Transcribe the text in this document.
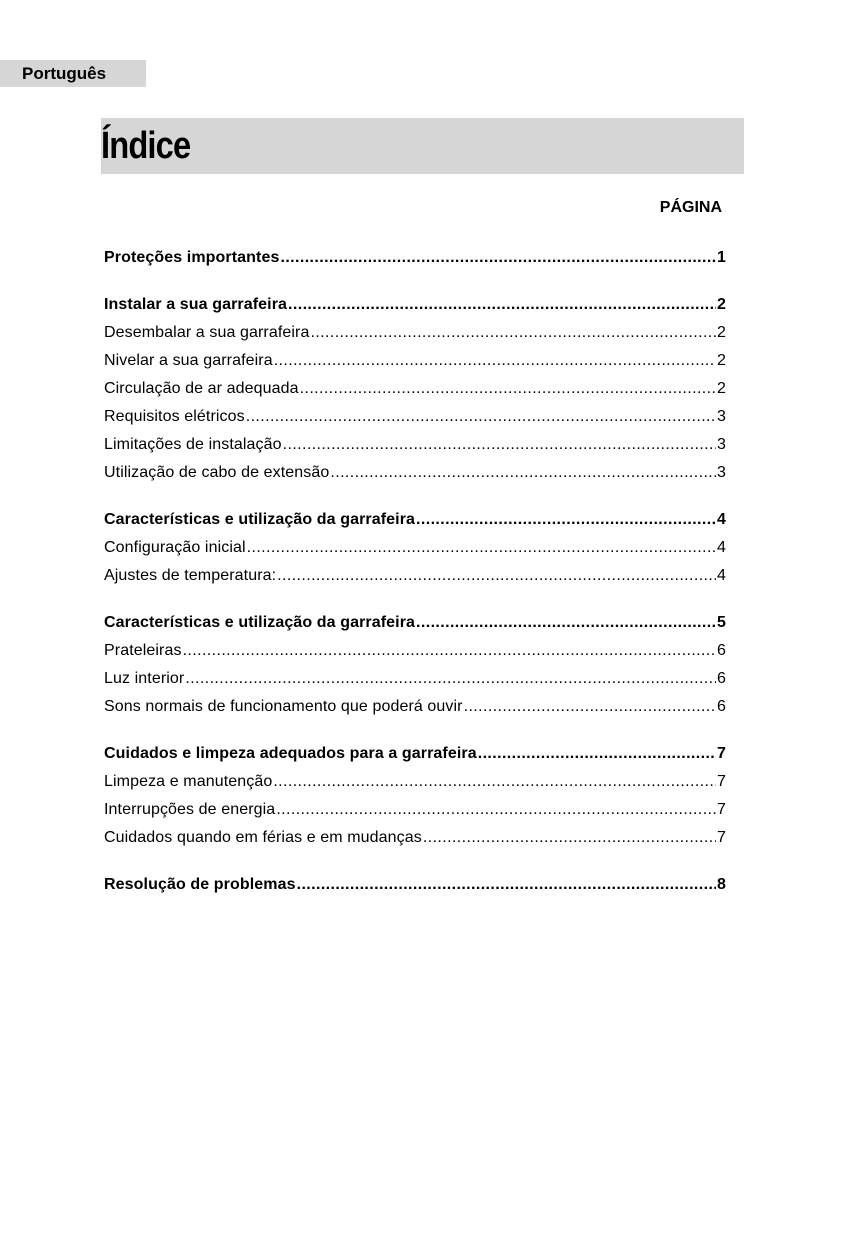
Português
Índice
PÁGINA
Proteções importantes .....	1
Instalar a sua garrafeira .....	2
Desembalar a sua garrafeira .....	2
Nivelar a sua garrafeira .....	2
Circulação de ar adequada .....	2
Requisitos elétricos .....	3
Limitações de instalação .....	3
Utilização de cabo de extensão .....	3
Características e utilização da garrafeira .....	4
Configuração inicial .....	4
Ajustes de temperatura: .....	4
Características e utilização da garrafeira .....	5
Prateleiras .....	6
Luz interior .....	6
Sons normais de funcionamento que poderá ouvir .....	6
Cuidados e limpeza adequados para a garrafeira .....	7
Limpeza e manutenção .....	7
Interrupções de energia .....	7
Cuidados quando em férias e em mudanças .....	7
Resolução de problemas .....	8
